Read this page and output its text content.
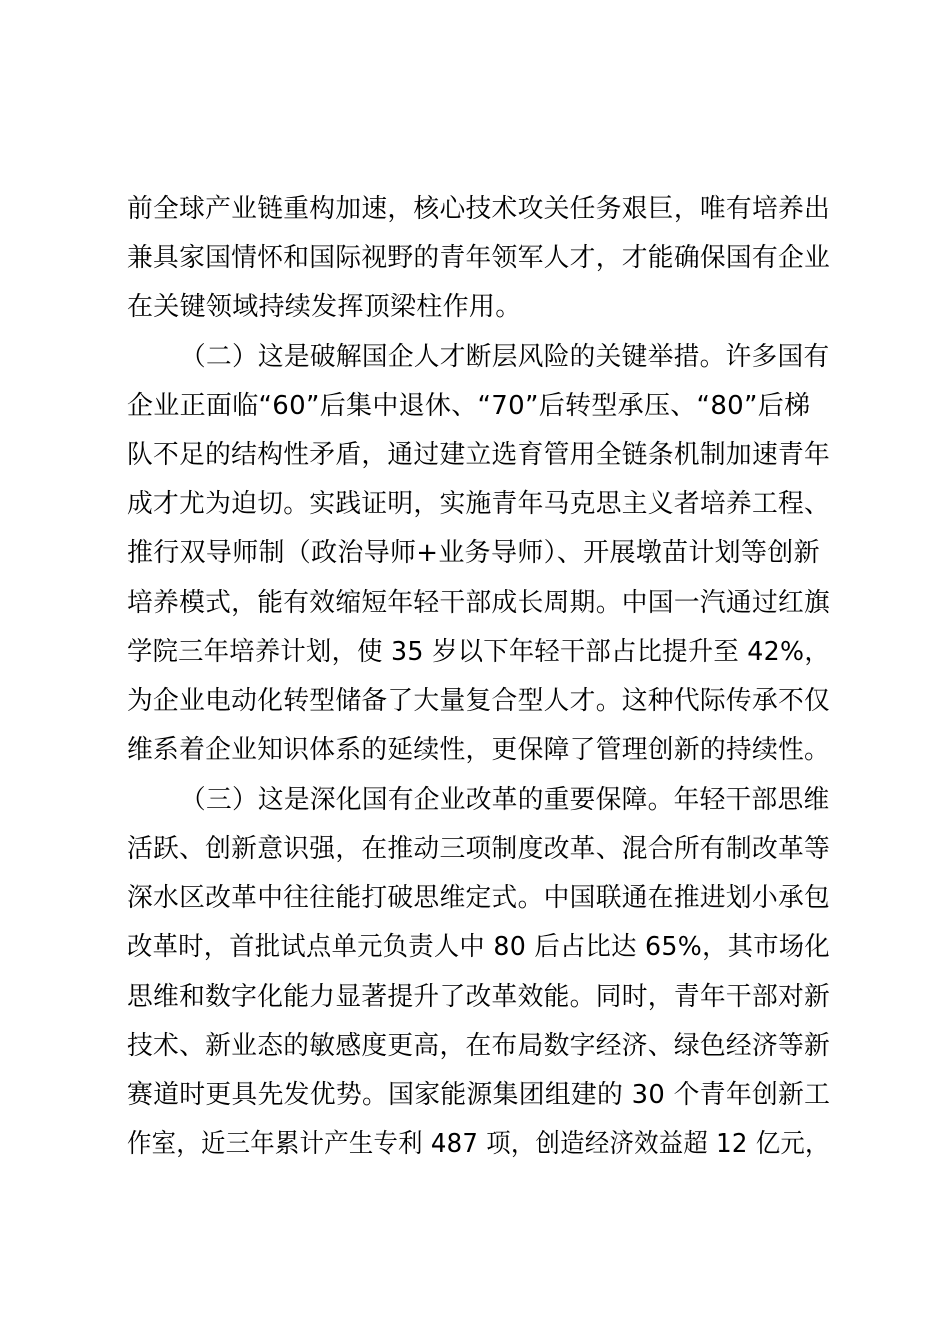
前全球产业链重构加速，核心技术攻关任务艰巨，唯有培养出
兼具家国情怀和国际视野的青年领军人才，才能确保国有企业
在关键领域持续发挥顶梁柱作用。
（二）这是破解国企人才断层风险的关键举措。许多国有
企业正面临“60”后集中退休、“70”后转型承压、“80”后梯
队不足的结构性矛盾，通过建立选育管用全链条机制加速青年
成才尤为迫切。实践证明，实施青年马克思主义者培养工程、
推行双导师制（政治导师+业务导师）、开展墩苗计划等创新
培养模式，能有效缩短年轻干部成长周期。中国一汽通过红旗
学院三年培养计划，使 35 岁以下年轻干部占比提升至 42%，
为企业电动化转型储备了大量复合型人才。这种代际传承不仅
维系着企业知识体系的延续性，更保障了管理创新的持续性。
（三）这是深化国有企业改革的重要保障。年轻干部思维
活跃、创新意识强，在推动三项制度改革、混合所有制改革等
深水区改革中往往能打破思维定式。中国联通在推进划小承包
改革时，首批试点单元负责人中 80 后占比达 65%，其市场化
思维和数字化能力显著提升了改革效能。同时，青年干部对新
技术、新业态的敏感度更高，在布局数字经济、绿色经济等新
赛道时更具先发优势。国家能源集团组建的 30 个青年创新工
作室，近三年累计产生专利 487 项，创造经济效益超 12 亿元，
